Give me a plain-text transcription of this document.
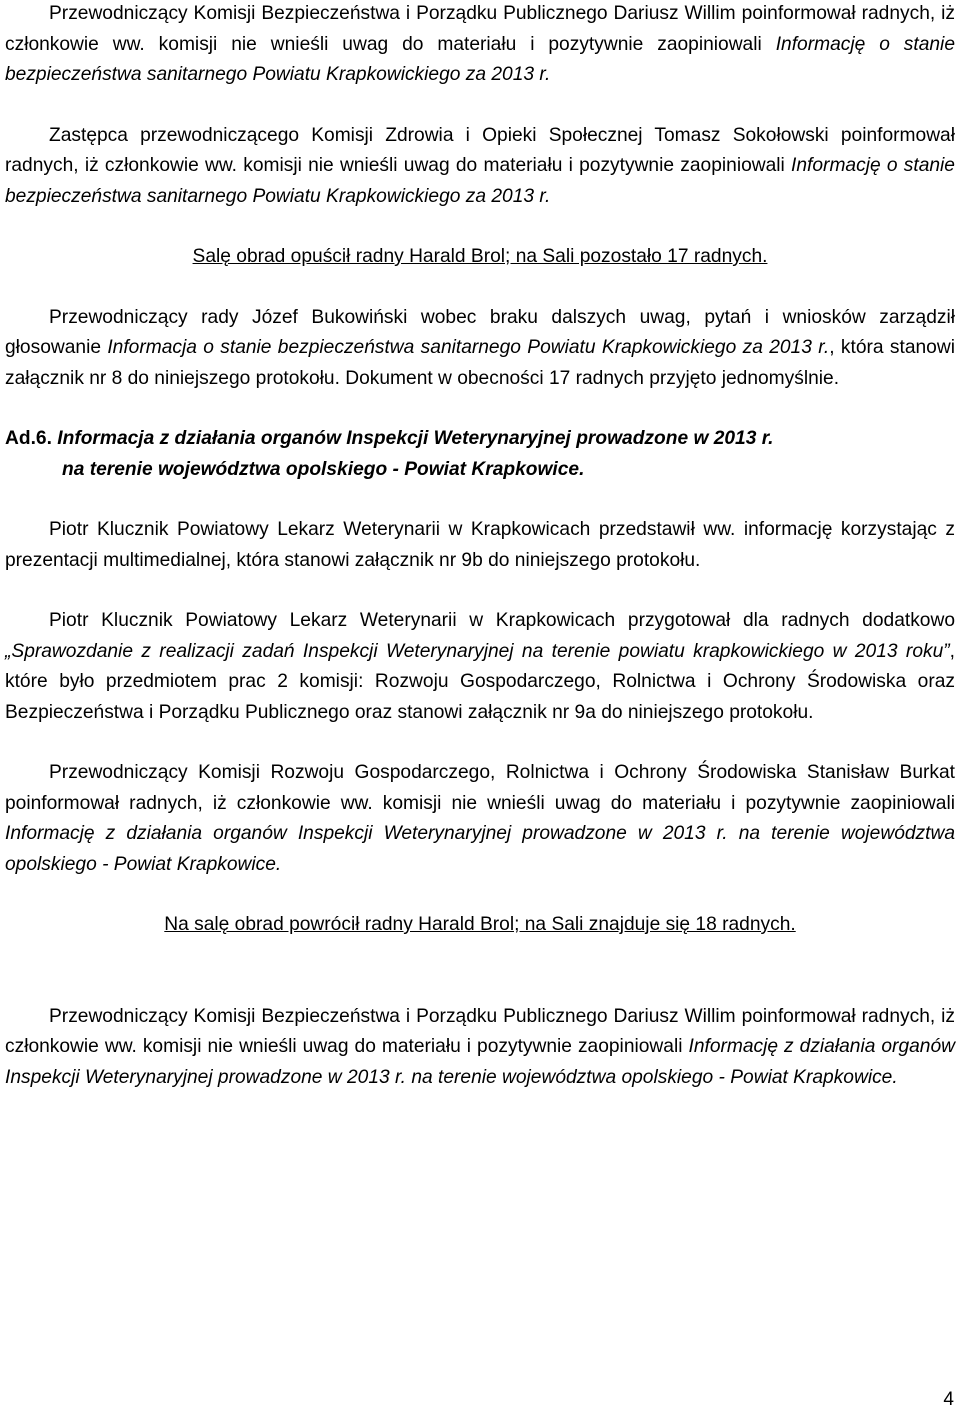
Przewodniczący Komisji Bezpieczeństwa i Porządku Publicznego Dariusz Willim poinformował radnych, iż członkowie ww. komisji nie wnieśli uwag do materiału i pozytywnie zaopiniowali Informację o stanie bezpieczeństwa sanitarnego Powiatu Krapkowickiego za 2013 r.

Zastępca przewodniczącego Komisji Zdrowia i Opieki Społecznej Tomasz Sokołowski poinformował radnych, iż członkowie ww. komisji nie wnieśli uwag do materiału i pozytywnie zaopiniowali Informację o stanie bezpieczeństwa sanitarnego Powiatu Krapkowickiego za 2013 r.

Salę obrad opuścił radny Harald Brol; na Sali pozostało 17 radnych.

Przewodniczący rady Józef Bukowiński wobec braku dalszych uwag, pytań i wniosków zarządził głosowanie Informacja o stanie bezpieczeństwa sanitarnego Powiatu Krapkowickiego za 2013 r., która stanowi załącznik nr 8 do niniejszego protokołu. Dokument w obecności 17 radnych przyjęto jednomyślnie.

Ad.6. Informacja z działania organów Inspekcji Weterynaryjnej prowadzone w 2013 r.
na terenie województwa opolskiego - Powiat Krapkowice.

Piotr Klucznik Powiatowy Lekarz Weterynarii w Krapkowicach przedstawił ww. informację korzystając z prezentacji multimedialnej, która stanowi załącznik nr 9b do niniejszego protokołu.

Piotr Klucznik Powiatowy Lekarz Weterynarii w Krapkowicach przygotował dla radnych dodatkowo „Sprawozdanie z realizacji zadań Inspekcji Weterynaryjnej na terenie powiatu krapkowickiego w 2013 roku”, które było przedmiotem prac 2 komisji: Rozwoju Gospodarczego, Rolnictwa i Ochrony Środowiska oraz Bezpieczeństwa i Porządku Publicznego oraz stanowi załącznik nr 9a do niniejszego protokołu.

Przewodniczący Komisji Rozwoju Gospodarczego, Rolnictwa i Ochrony Środowiska Stanisław Burkat poinformował radnych, iż członkowie ww. komisji nie wnieśli uwag do materiału i pozytywnie zaopiniowali Informację z działania organów Inspekcji Weterynaryjnej prowadzone w 2013 r. na terenie województwa opolskiego - Powiat Krapkowice.

Na salę obrad powrócił radny Harald Brol; na Sali znajduje się 18 radnych.

Przewodniczący Komisji Bezpieczeństwa i Porządku Publicznego Dariusz Willim poinformował radnych, iż członkowie ww. komisji nie wnieśli uwag do materiału i pozytywnie zaopiniowali Informację z działania organów Inspekcji Weterynaryjnej prowadzone w 2013 r. na terenie województwa opolskiego - Powiat Krapkowice.

4
